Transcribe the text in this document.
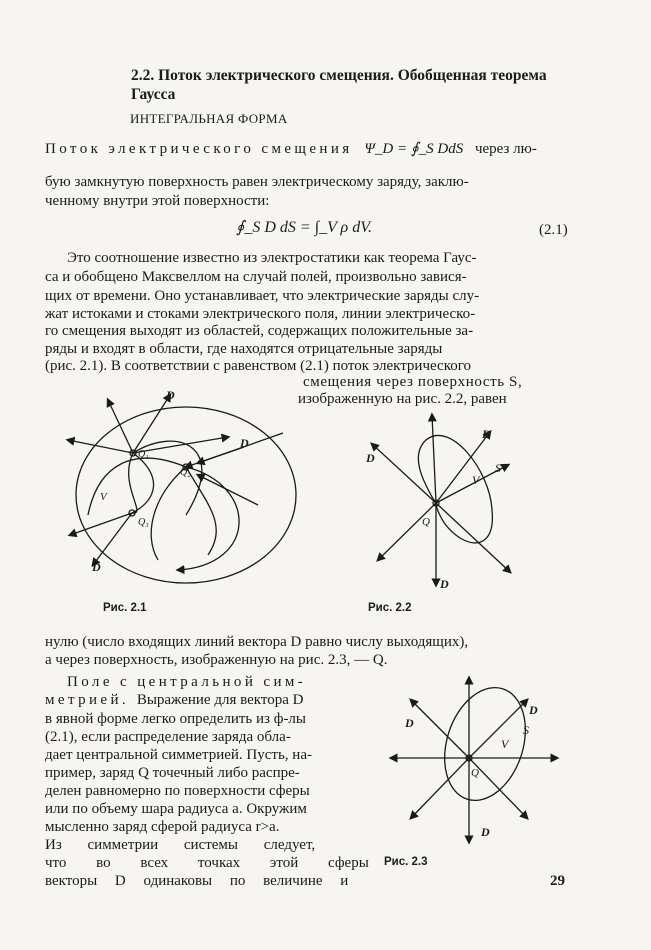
2.2. Поток электрического смещения. Обобщенная теорема Гаусса
ИНТЕГРАЛЬНАЯ ФОРМА
Поток электрического смещения Ψ_D = ∮_S DdS через лю-
бую замкнутую поверхность равен электрическому заряду, заклю-
ченному внутри этой поверхности:
∮_S D dS = ∫_V ρ dV.	(2.1)
Это соотношение известно из электростатики как теорема Гаус-
са и обобщено Максвеллом на случай полей, произвольно завися-
щих от времени. Оно устанавливает, что электрические заряды слу-
жат истоками и стоками электрического поля, линии электрическо-
го смещения выходят из областей, содержащих положительные за-
ряды и входят в области, где находятся отрицательные заряды
(рис. 2.1). В соответствии с равенством (2.1) поток электрического
смещения через поверхность S,
изображенную на рис. 2.2, равен
D
D
D
Q₁
Q₂
Q₃
V
Рис. 2.1
D
D
D
S
V
Q
Рис. 2.2
нулю (число входящих линий вектора D равно числу выходящих),
а через поверхность, изображенную на рис. 2.3, — Q.
Поле с центральной сим-
метрией. Выражение для вектора D
в явной форме легко определить из ф-лы
(2.1), если распределение заряда обла-
дает центральной симметрией. Пусть, на-
пример, заряд Q точечный либо распре-
делен равномерно по поверхности сферы
или по объему шара радиуса a. Окружим
мысленно заряд сферой радиуса r>a.
Из симметрии системы следует,
что во всех точках этой сферы
векторы D одинаковы по величине и
D
D
D
S
V
Q
Рис. 2.3
29
